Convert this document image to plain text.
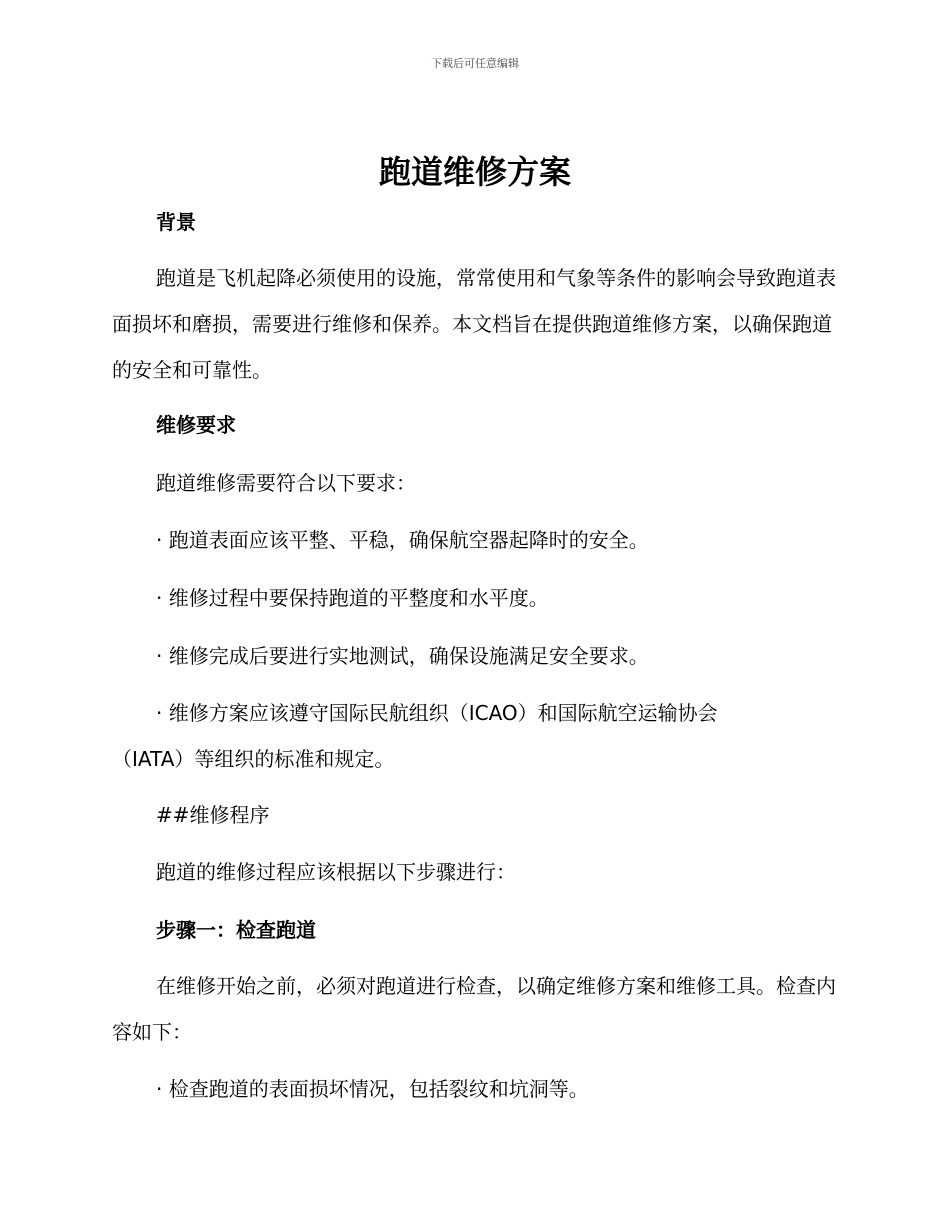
下载后可任意编辑
跑道维修方案
背景
跑道是飞机起降必须使用的设施，常常使用和气象等条件的影响会导致跑道表面损坏和磨损，需要进行维修和保养。本文档旨在提供跑道维修方案，以确保跑道的安全和可靠性。
维修要求
跑道维修需要符合以下要求：
· 跑道表面应该平整、平稳，确保航空器起降时的安全。
· 维修过程中要保持跑道的平整度和水平度。
· 维修完成后要进行实地测试，确保设施满足安全要求。
· 维修方案应该遵守国际民航组织（ICAO）和国际航空运输协会（IATA）等组织的标准和规定。
##维修程序
跑道的维修过程应该根据以下步骤进行：
步骤一：检查跑道
在维修开始之前，必须对跑道进行检查，以确定维修方案和维修工具。检查内容如下：
· 检查跑道的表面损坏情况，包括裂纹和坑洞等。
